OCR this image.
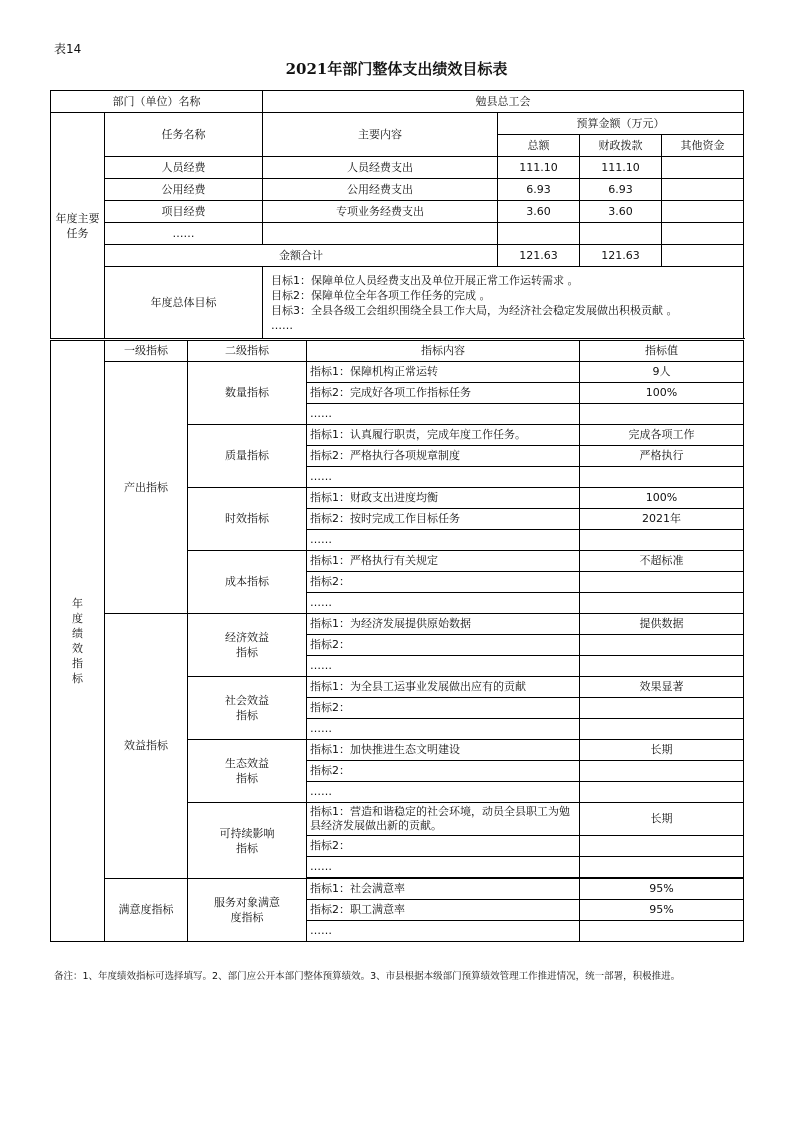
表14
2021年部门整体支出绩效目标表
部门（单位）名称		勉县总工会			
年度主要任务	任务名称	主要内容	预算金额（万元）		
			总额	财政拨款	其他资金
	人员经费	人员经费支出	111.10	111.10	
	公用经费	公用经费支出	6.93	6.93	
	项目经费	专项业务经费支出	3.60	3.60	
	……				
	金额合计		121.63	121.63	
	年度总体目标	目标1：保障单位人员经费支出及单位开展正常工作运转需求 。
目标2：保障单位全年各项工作任务的完成 。
目标3：全县各级工会组织围绕全县工作大局，为经济社会稳定发展做出积极贡献 。
……			
年度绩效指标	一级指标	二级指标	指标内容	指标值
	产出指标	数量指标	指标1：保障机构正常运转	9人
			指标2：完成好各项工作指标任务	100%
			……	
		质量指标	指标1：认真履行职责，完成年度工作任务。	完成各项工作
			指标2：严格执行各项规章制度	严格执行
			……	
		时效指标	指标1：财政支出进度均衡	100%
			指标2：按时完成工作目标任务	2021年
			……	
		成本指标	指标1：严格执行有关规定	不超标准
			指标2：	
			……	
	效益指标	经济效益指标	指标1：为经济发展提供原始数据	提供数据
			指标2：	
			……	
		社会效益指标	指标1：为全县工运事业发展做出应有的贡献	效果显著
			指标2：	
			……	
		生态效益指标	指标1：加快推进生态文明建设	长期
			指标2：	
			……	
		可持续影响指标	指标1：营造和谐稳定的社会环境，动员全县职工为勉县经济发展做出新的贡献。	长期
			指标2：	
			……	

	满意度指标	服务对象满意度指标	指标1：社会满意率	95%
			指标2：职工满意率	95%
			……	
备注：1、年度绩效指标可选择填写。2、部门应公开本部门整体预算绩效。3、市县根据本级部门预算绩效管理工作推进情况，统一部署，积极推进。
